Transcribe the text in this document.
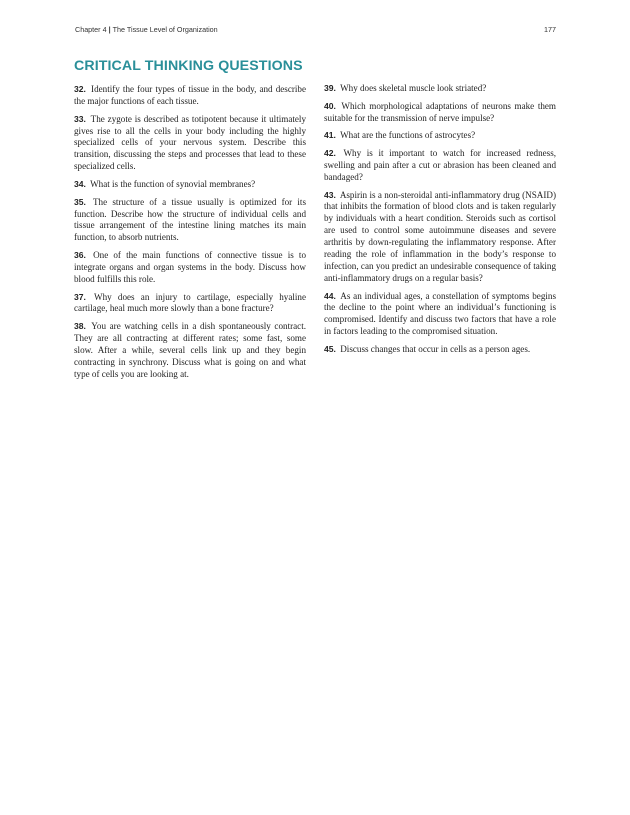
Chapter 4 | The Tissue Level of Organization	177
CRITICAL THINKING QUESTIONS

32. Identify the four types of tissue in the body, and describe the major functions of each tissue.

33. The zygote is described as totipotent because it ultimately gives rise to all the cells in your body including the highly specialized cells of your nervous system. Describe this transition, discussing the steps and processes that lead to these specialized cells.

34. What is the function of synovial membranes?

35. The structure of a tissue usually is optimized for its function. Describe how the structure of individual cells and tissue arrangement of the intestine lining matches its main function, to absorb nutrients.

36. One of the main functions of connective tissue is to integrate organs and organ systems in the body. Discuss how blood fulfills this role.

37. Why does an injury to cartilage, especially hyaline cartilage, heal much more slowly than a bone fracture?

38. You are watching cells in a dish spontaneously contract. They are all contracting at different rates; some fast, some slow. After a while, several cells link up and they begin contracting in synchrony. Discuss what is going on and what type of cells you are looking at.

39. Why does skeletal muscle look striated?

40. Which morphological adaptations of neurons make them suitable for the transmission of nerve impulse?

41. What are the functions of astrocytes?

42. Why is it important to watch for increased redness, swelling and pain after a cut or abrasion has been cleaned and bandaged?

43. Aspirin is a non-steroidal anti-inflammatory drug (NSAID) that inhibits the formation of blood clots and is taken regularly by individuals with a heart condition. Steroids such as cortisol are used to control some autoimmune diseases and severe arthritis by down-regulating the inflammatory response. After reading the role of inflammation in the body’s response to infection, can you predict an undesirable consequence of taking anti-inflammatory drugs on a regular basis?

44. As an individual ages, a constellation of symptoms begins the decline to the point where an individual’s functioning is compromised. Identify and discuss two factors that have a role in factors leading to the compromised situation.

45. Discuss changes that occur in cells as a person ages.
